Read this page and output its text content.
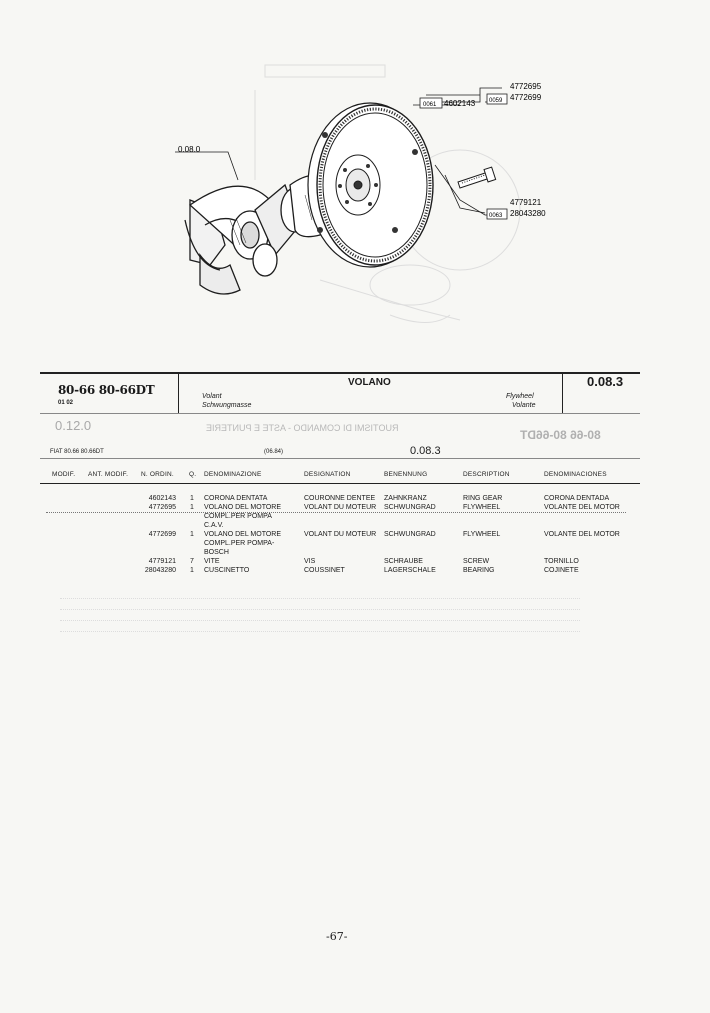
0.08.0
0061 4602143 0059
4772695
4772699
4779121
0063 28043280
80-66 80-66DT
01 02
VOLANO
Volant
Schwungmasse
Flywheel
Volante
0.08.3
0.12.0	RUOTISMI DI COMANDO - ASTE E PUNTERIE	80-66 80-66DT
FIAT 80.66 80.66DT	(06.84)	0.08.3
MODIF. ANT. MODIF. N. ORDIN. Q. DENOMINAZIONE	DESIGNATION	BENENNUNG	DESCRIPTION	DENOMINACIONES
4602143 1 CORONA DENTATA	COURONNE DENTEE	ZAHNKRANZ	RING GEAR	CORONA DENTADA
4772695 1 VOLANO DEL MOTORE	VOLANT DU MOTEUR	SCHWUNGRAD	FLYWHEEL	VOLANTE DEL MOTOR
COMPL.PER POMPA
C.A.V.
4772699 1 VOLANO DEL MOTORE	VOLANT DU MOTEUR	SCHWUNGRAD	FLYWHEEL	VOLANTE DEL MOTOR
COMPL.PER POMPA-
BOSCH
4779121 7 VITE	VIS	SCHRAUBE	SCREW	TORNILLO
28043280 1 CUSCINETTO	COUSSINET	LAGERSCHALE	BEARING	COJINETE
-67-
